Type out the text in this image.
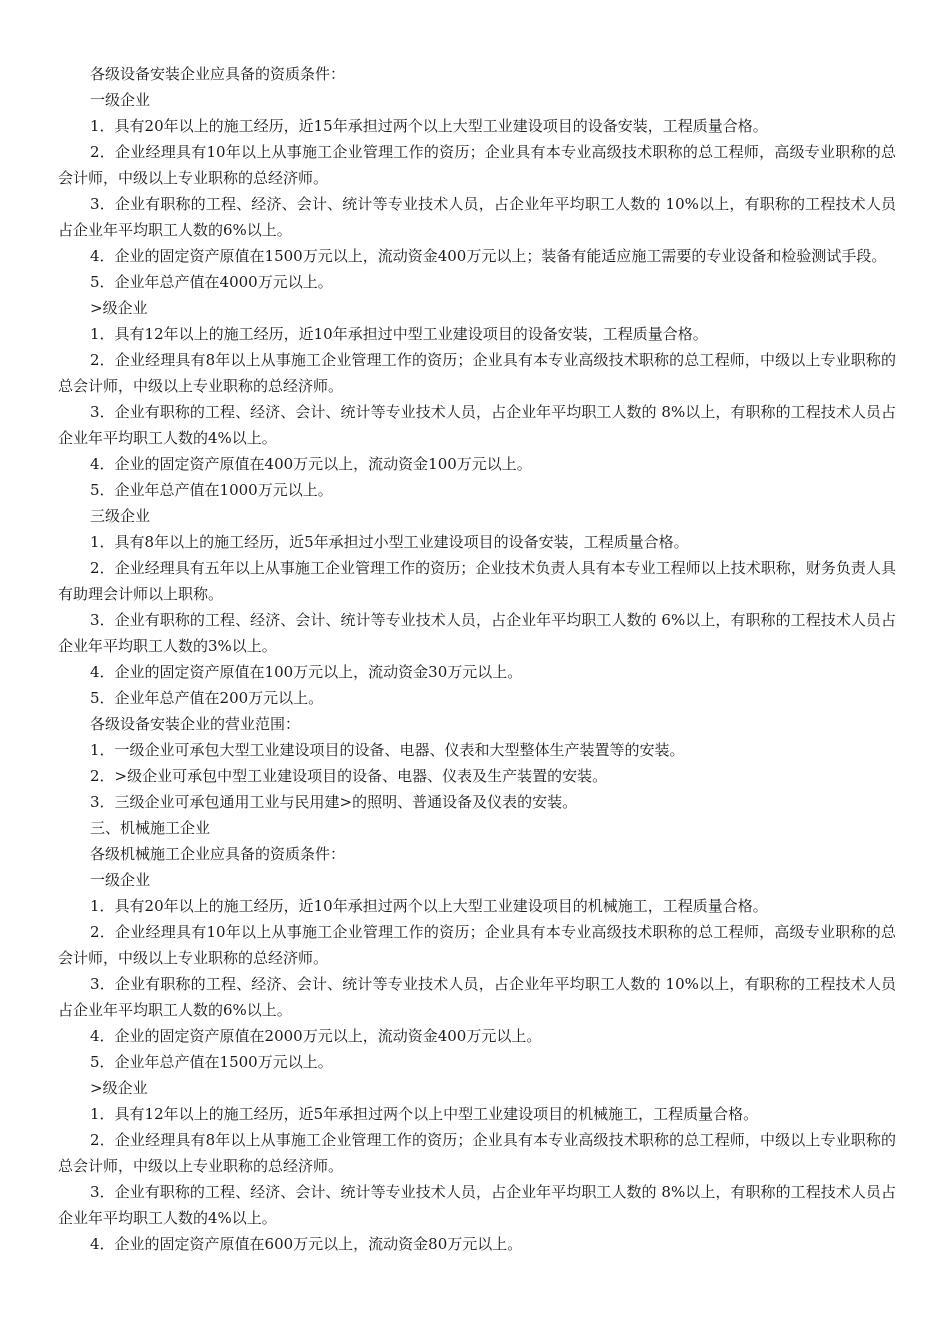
各级设备安装企业应具备的资质条件：

一级企业

1．具有20年以上的施工经历，近15年承担过两个以上大型工业建设项目的设备安装，工程质量合格。

2．企业经理具有10年以上从事施工企业管理工作的资历；企业具有本专业高级技术职称的总工程师，高级专业职称的总会计师，中级以上专业职称的总经济师。

3．企业有职称的工程、经济、会计、统计等专业技术人员，占企业年平均职工人数的 10%以上，有职称的工程技术人员占企业年平均职工人数的6%以上。

4．企业的固定资产原值在1500万元以上，流动资金400万元以上；装备有能适应施工需要的专业设备和检验测试手段。

5．企业年总产值在4000万元以上。

>级企业

1．具有12年以上的施工经历，近10年承担过中型工业建设项目的设备安装，工程质量合格。

2．企业经理具有8年以上从事施工企业管理工作的资历；企业具有本专业高级技术职称的总工程师，中级以上专业职称的总会计师，中级以上专业职称的总经济师。

3．企业有职称的工程、经济、会计、统计等专业技术人员，占企业年平均职工人数的 8%以上，有职称的工程技术人员占企业年平均职工人数的4%以上。

4．企业的固定资产原值在400万元以上，流动资金100万元以上。

5．企业年总产值在1000万元以上。

三级企业

1．具有8年以上的施工经历，近5年承担过小型工业建设项目的设备安装，工程质量合格。

2．企业经理具有五年以上从事施工企业管理工作的资历；企业技术负责人具有本专业工程师以上技术职称，财务负责人具有助理会计师以上职称。

3．企业有职称的工程、经济、会计、统计等专业技术人员，占企业年平均职工人数的 6%以上，有职称的工程技术人员占企业年平均职工人数的3%以上。

4．企业的固定资产原值在100万元以上，流动资金30万元以上。

5．企业年总产值在200万元以上。

各级设备安装企业的营业范围：

1．一级企业可承包大型工业建设项目的设备、电器、仪表和大型整体生产装置等的安装。

2．>级企业可承包中型工业建设项目的设备、电器、仪表及生产装置的安装。

3．三级企业可承包通用工业与民用建>的照明、普通设备及仪表的安装。

三、机械施工企业

各级机械施工企业应具备的资质条件：

一级企业

1．具有20年以上的施工经历，近10年承担过两个以上大型工业建设项目的机械施工，工程质量合格。

2．企业经理具有10年以上从事施工企业管理工作的资历；企业具有本专业高级技术职称的总工程师，高级专业职称的总会计师，中级以上专业职称的总经济师。

3．企业有职称的工程、经济、会计、统计等专业技术人员，占企业年平均职工人数的 10%以上，有职称的工程技术人员占企业年平均职工人数的6%以上。

4．企业的固定资产原值在2000万元以上，流动资金400万元以上。

5．企业年总产值在1500万元以上。

>级企业

1．具有12年以上的施工经历，近5年承担过两个以上中型工业建设项目的机械施工，工程质量合格。

2．企业经理具有8年以上从事施工企业管理工作的资历；企业具有本专业高级技术职称的总工程师，中级以上专业职称的总会计师，中级以上专业职称的总经济师。

3．企业有职称的工程、经济、会计、统计等专业技术人员，占企业年平均职工人数的 8%以上，有职称的工程技术人员占企业年平均职工人数的4%以上。

4．企业的固定资产原值在600万元以上，流动资金80万元以上。
